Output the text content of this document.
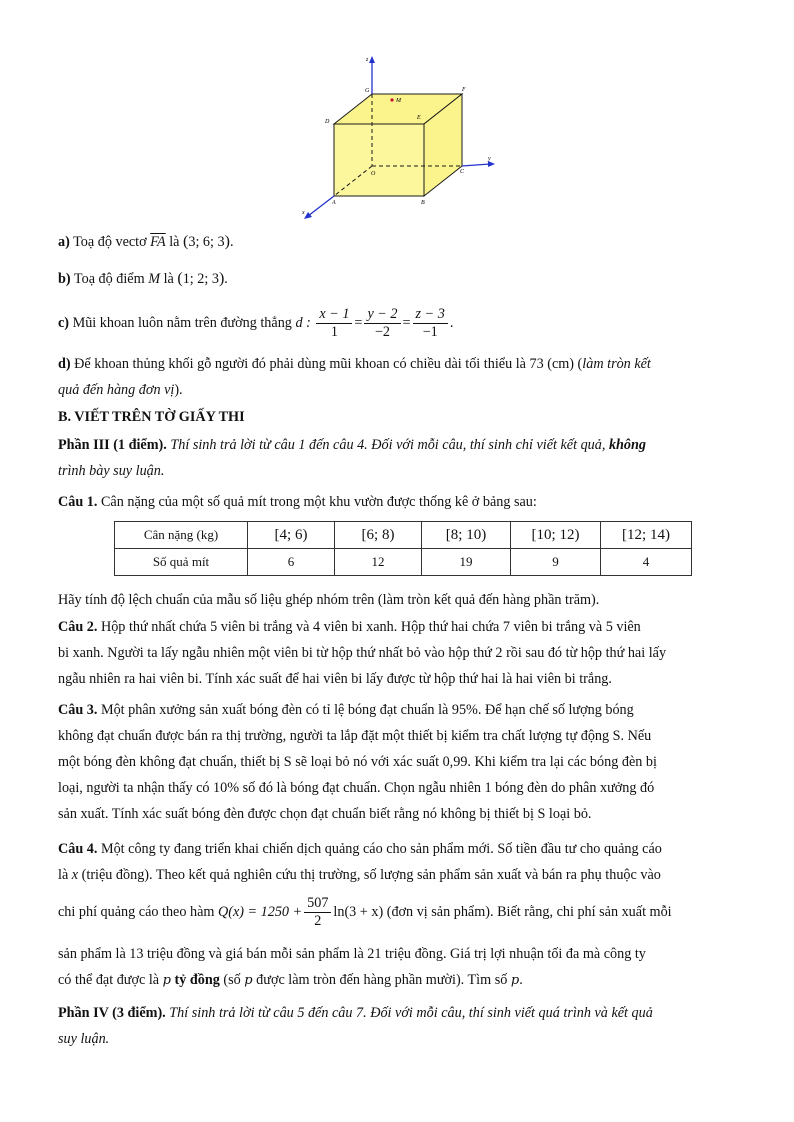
z
y
x
O
A	B
C
D
E
F
G
M
a) Toạ độ vectơ $\overline{FA}$ là (3; 6; 3).
b) Toạ độ điểm M là (1; 2; 3).
c) Mũi khoan luôn nằm trên đường thẳng d : $\frac{x - 1}{1} = \frac{y - 2}{-2} = \frac{z - 3}{-1}$ .
d) Để khoan thủng khối gỗ người đó phải dùng mũi khoan có chiều dài tối thiểu là 73 (cm) (làm tròn kết
quả đến hàng đơn vị).
B. VIẾT TRÊN TỜ GIẤY THI
Phần III (1 điểm). Thí sinh trả lời từ câu 1 đến câu 4. Đối với mỗi câu, thí sinh chỉ viết kết quả, không
trình bày suy luận.
Câu 1. Cân nặng của một số quả mít trong một khu vườn được thống kê ở bảng sau:
Cân nặng (kg)	[4; 6)	[6; 8)	[8; 10)	[10; 12)	[12; 14)
Số quả mít	6	12	19	9	4
Hãy tính độ lệch chuẩn của mẫu số liệu ghép nhóm trên (làm tròn kết quả đến hàng phần trăm).
Câu 2. Hộp thứ nhất chứa 5 viên bi trắng và 4 viên bi xanh. Hộp thứ hai chứa 7 viên bi trắng và 5 viên
bi xanh. Người ta lấy ngẫu nhiên một viên bi từ hộp thứ nhất bỏ vào hộp thứ 2 rồi sau đó từ hộp thứ hai lấy
ngẫu nhiên ra hai viên bi. Tính xác suất để hai viên bi lấy được từ hộp thứ hai là hai viên bi trắng.
Câu 3. Một phân xưởng sản xuất bóng đèn có tỉ lệ bóng đạt chuẩn là 95%. Để hạn chế số lượng bóng
không đạt chuẩn được bán ra thị trường, người ta lắp đặt một thiết bị kiểm tra chất lượng tự động S. Nếu
một bóng đèn không đạt chuẩn, thiết bị S sẽ loại bỏ nó với xác suất 0,99. Khi kiểm tra lại các bóng đèn bị
loại, người ta nhận thấy có 10% số đó là bóng đạt chuẩn. Chọn ngẫu nhiên 1 bóng đèn do phân xưởng đó
sản xuất. Tính xác suất bóng đèn được chọn đạt chuẩn biết rằng nó không bị thiết bị S loại bỏ.
Câu 4. Một công ty đang triển khai chiến dịch quảng cáo cho sản phẩm mới. Số tiền đầu tư cho quảng cáo
là x (triệu đồng). Theo kết quả nghiên cứu thị trường, số lượng sản phẩm sản xuất và bán ra phụ thuộc vào
chi phí quảng cáo theo hàm $Q(x) = 1250 + \frac{507}{2} \ln(3 + x)$ (đơn vị sản phẩm). Biết rằng, chi phí sản xuất mỗi
sản phẩm là 13 triệu đồng và giá bán mỗi sản phẩm là 21 triệu đồng. Giá trị lợi nhuận tối đa mà công ty
có thể đạt được là p tỷ đồng (số p được làm tròn đến hàng phần mười). Tìm số p.
Phần IV (3 điểm). Thí sinh trả lời từ câu 5 đến câu 7. Đối với mỗi câu, thí sinh viết quá trình và kết quả
suy luận.
